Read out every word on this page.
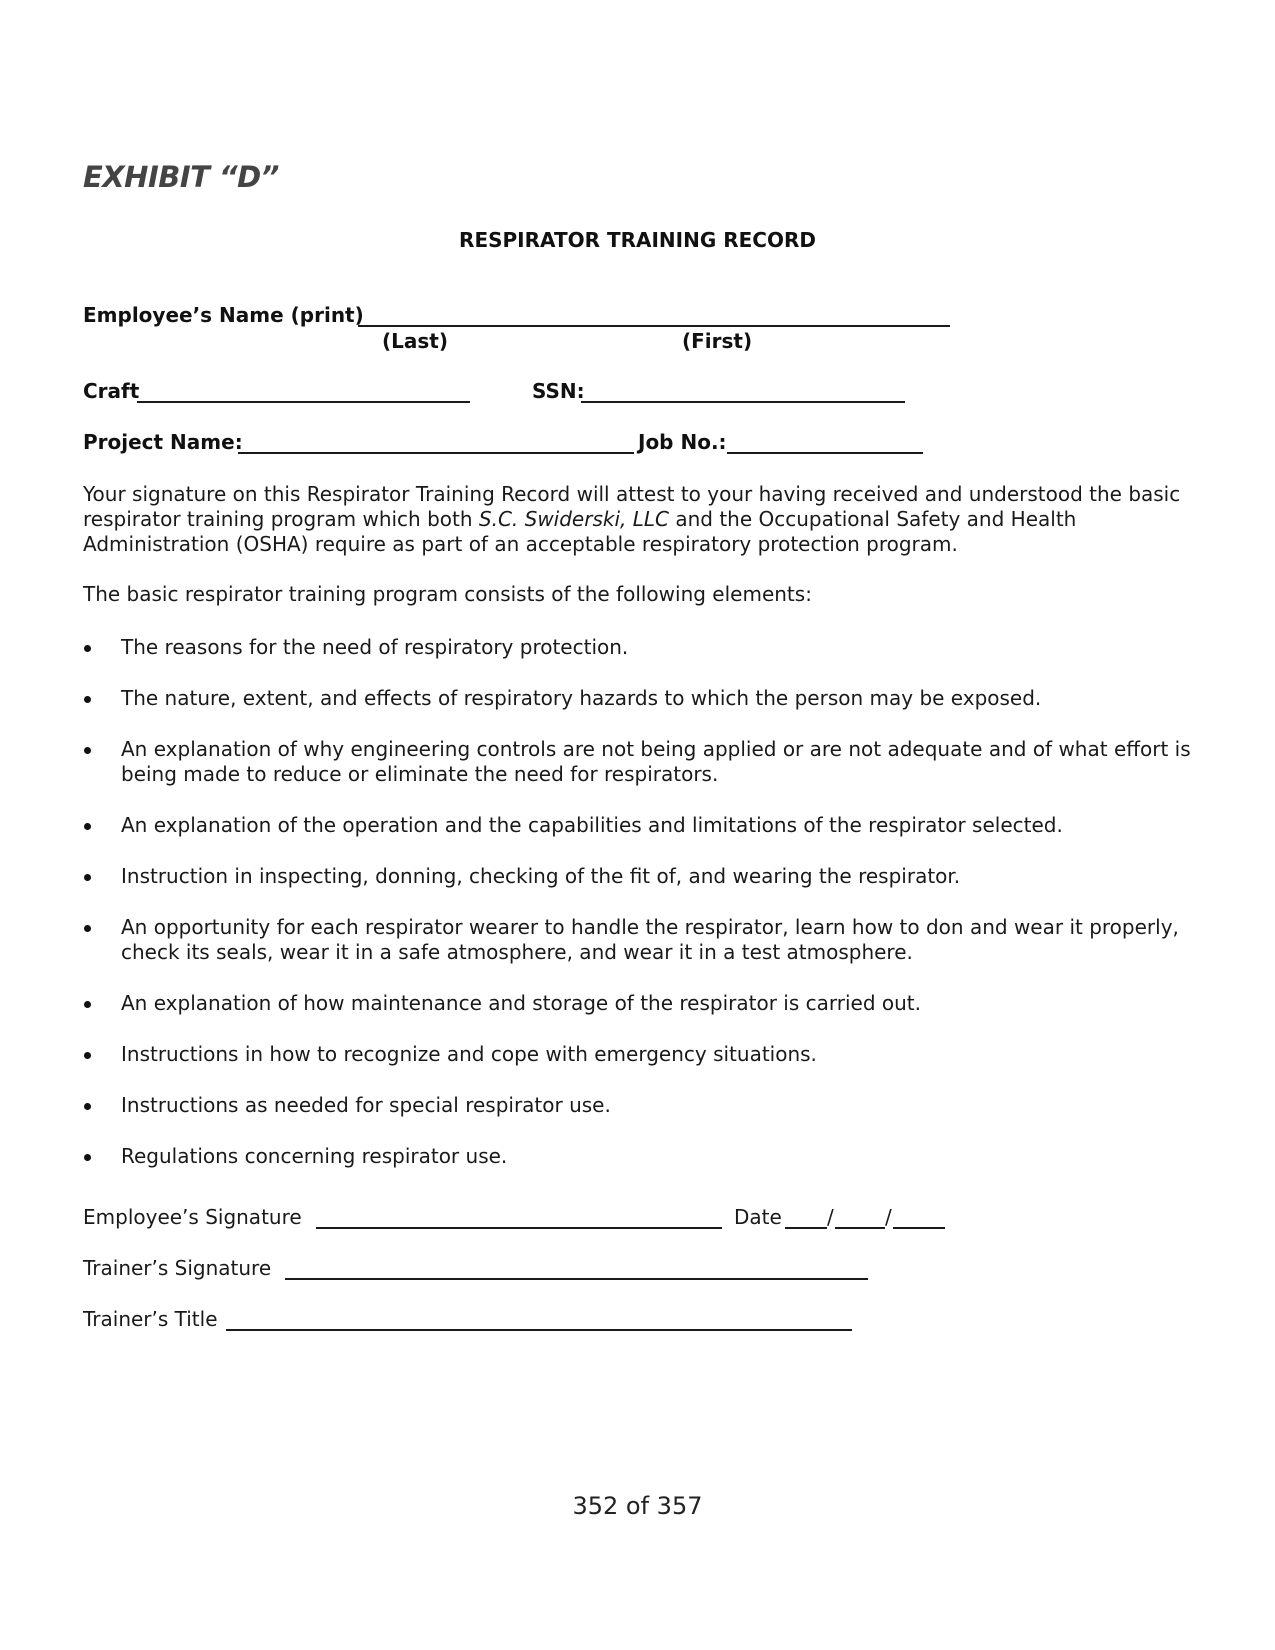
EXHIBIT “D”
RESPIRATOR TRAINING RECORD
Employee’s Name (print)
(Last)	(First)
Craft	SSN:
Project Name:	Job No.:

Your signature on this Respirator Training Record will attest to your having received and understood the basic respirator training program which both S.C. Swiderski, LLC and the Occupational Safety and Health Administration (OSHA) require as part of an acceptable respiratory protection program.

The basic respirator training program consists of the following elements:

The reasons for the need of respiratory protection.
The nature, extent, and effects of respiratory hazards to which the person may be exposed.
An explanation of why engineering controls are not being applied or are not adequate and of what effort is being made to reduce or eliminate the need for respirators.
An explanation of the operation and the capabilities and limitations of the respirator selected.
Instruction in inspecting, donning, checking of the fit of, and wearing the respirator.
An opportunity for each respirator wearer to handle the respirator, learn how to don and wear it properly, check its seals, wear it in a safe atmosphere, and wear it in a test atmosphere.
An explanation of how maintenance and storage of the respirator is carried out.
Instructions in how to recognize and cope with emergency situations.
Instructions as needed for special respirator use.
Regulations concerning respirator use.
Employee’s Signature	Date /	/
Trainer’s Signature
Trainer’s Title
352 of 357
